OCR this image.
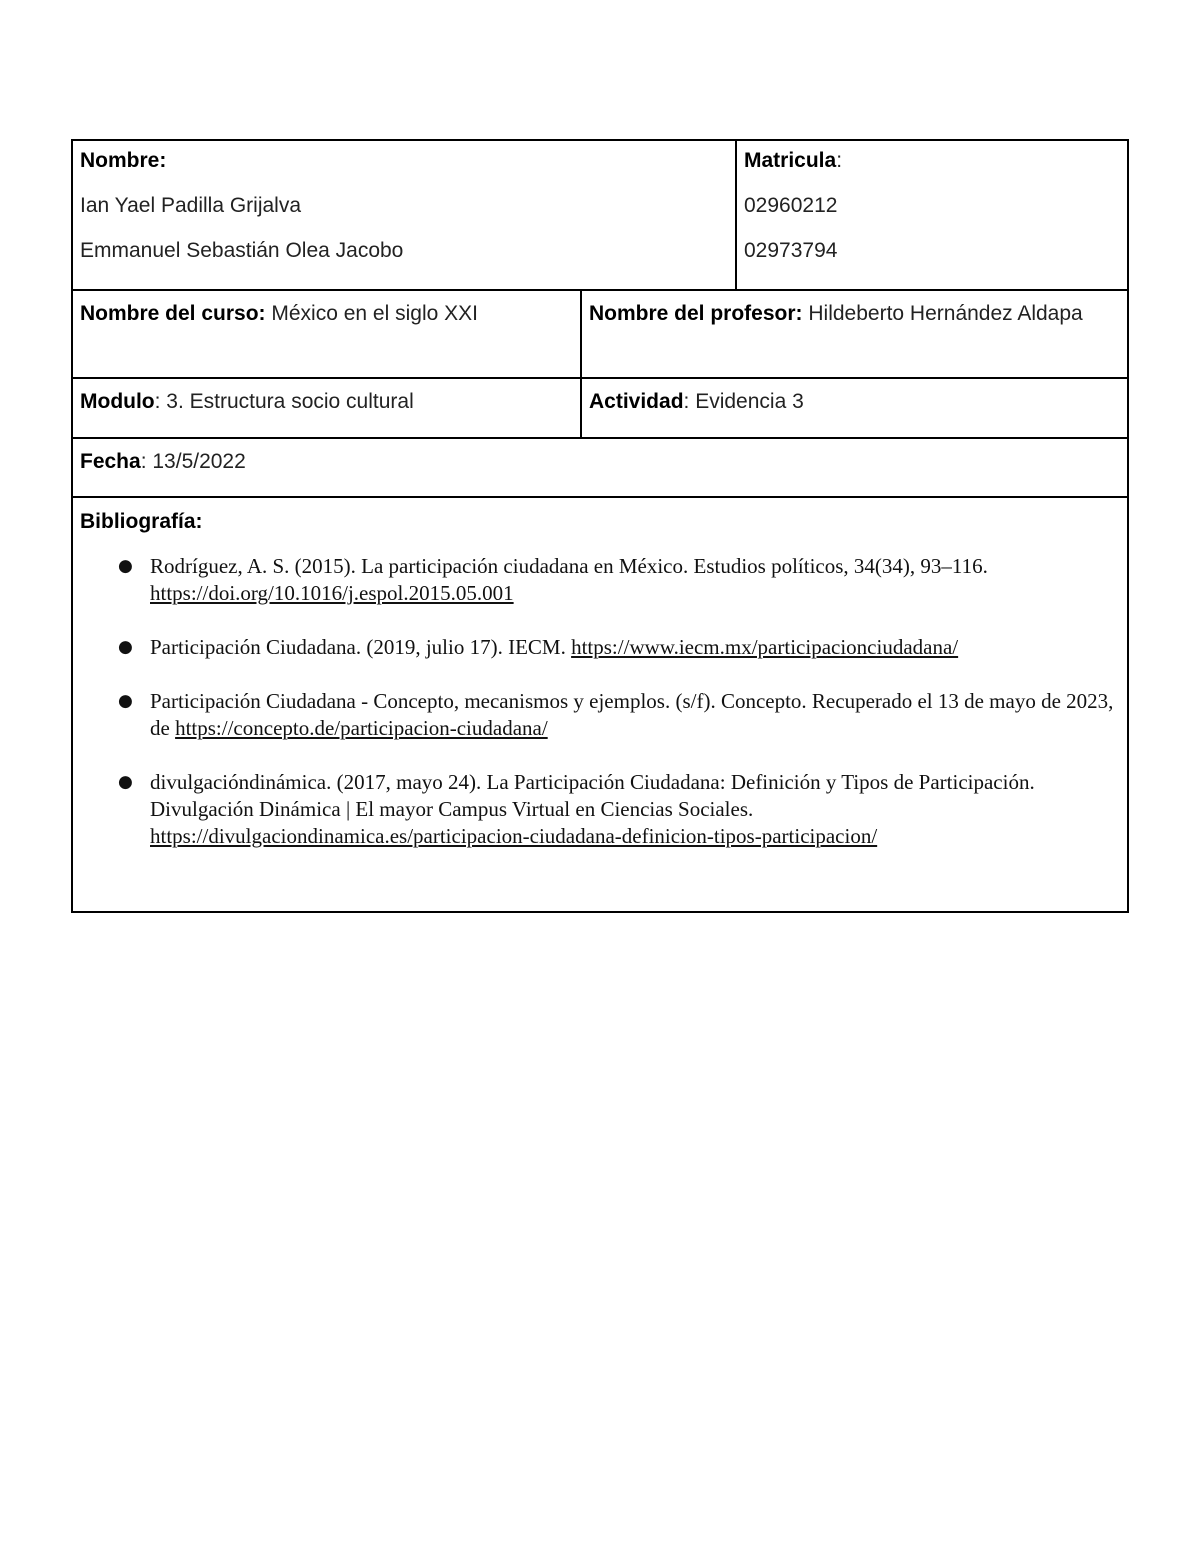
Nombre:
Ian Yael Padilla Grijalva
Emmanuel Sebastián Olea Jacobo
Matricula:
02960212
02973794
Nombre del curso: México en el siglo XXI	Nombre del profesor: Hildeberto Hernández Aldapa
Modulo: 3. Estructura socio cultural	Actividad: Evidencia 3
Fecha: 13/5/2022
Bibliografía:
● Rodríguez, A. S. (2015). La participación ciudadana en México. Estudios políticos, 34(34), 93–116. https://doi.org/10.1016/j.espol.2015.05.001
● Participación Ciudadana. (2019, julio 17). IECM. https://www.iecm.mx/participacionciudadana/
● Participación Ciudadana - Concepto, mecanismos y ejemplos. (s/f). Concepto. Recuperado el 13 de mayo de 2023, de https://concepto.de/participacion-ciudadana/
● divulgacióndinámica. (2017, mayo 24). La Participación Ciudadana: Definición y Tipos de Participación. Divulgación Dinámica | El mayor Campus Virtual en Ciencias Sociales. https://divulgaciondinamica.es/participacion-ciudadana-definicion-tipos-participacion/
